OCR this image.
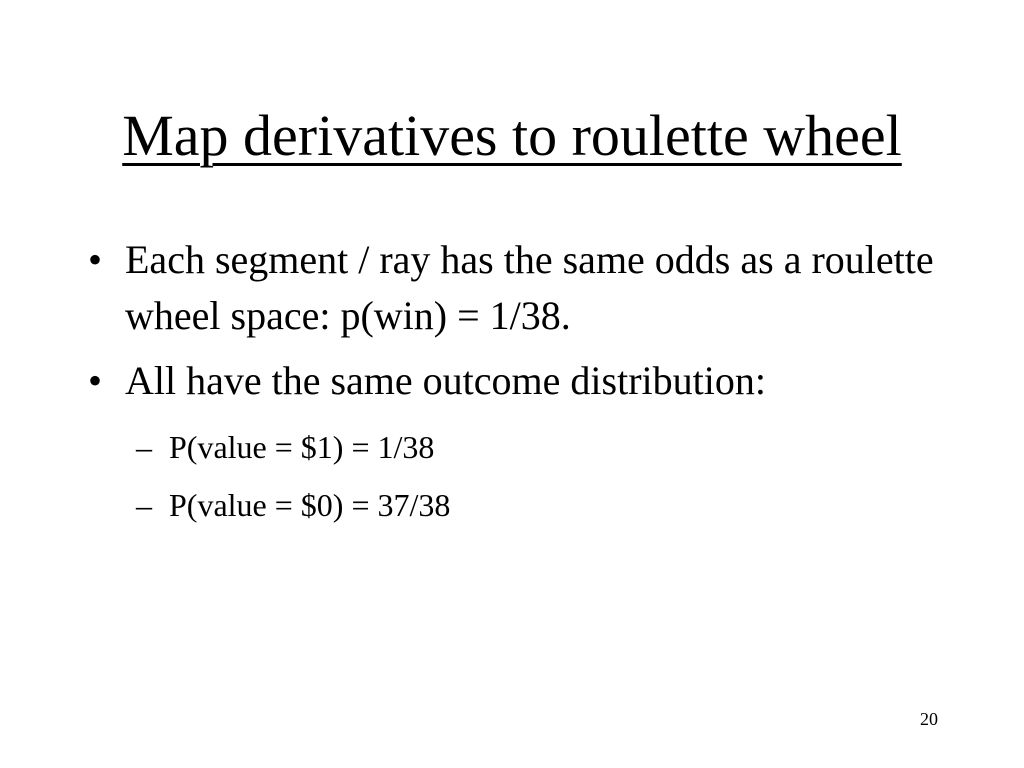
Map derivatives to roulette wheel
• Each segment / ray has the same odds as a roulette wheel space: p(win) = 1/38.
• All have the same outcome distribution:
– P(value = $1) = 1/38
– P(value = $0) = 37/38
20
